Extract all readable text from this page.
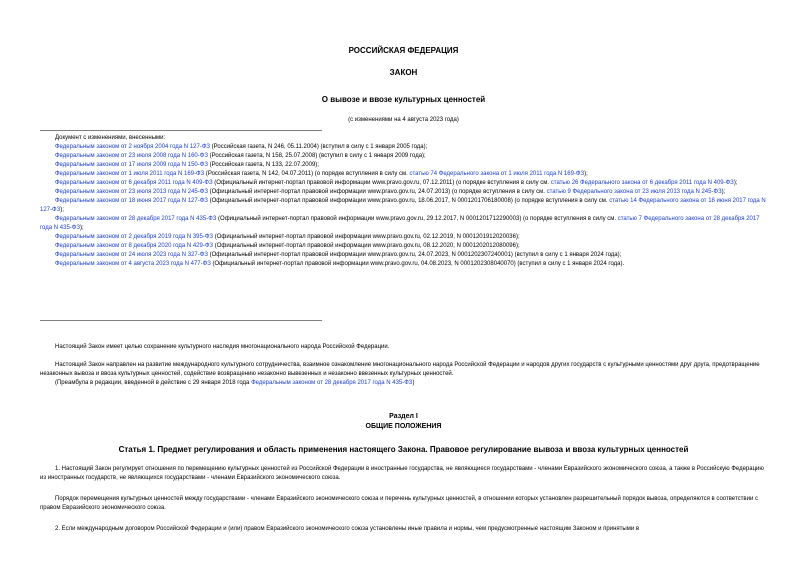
РОССИЙСКАЯ ФЕДЕРАЦИЯ
ЗАКОН
О вывозе и ввозе культурных ценностей
(с изменениями на 4 августа 2023 года)

Документ с изменениями, внесенными:

Федеральным законом от 2 ноября 2004 года N 127-ФЗ (Российская газета, N 246, 05.11.2004) (вступил в силу с 1 января 2005 года);

Федеральным законом от 23 июля 2008 года N 160-ФЗ (Российская газета, N 158, 25.07.2008) (вступил в силу с 1 января 2009 года);

Федеральным законом от 17 июля 2009 года N 150-ФЗ (Российская газета, N 133, 22.07.2009);

Федеральным законом от 1 июля 2011 года N 169-ФЗ (Российская газета, N 142, 04.07.2011) (о порядке вступления в силу см. статью 74 Федерального закона от 1 июля 2011 года N 169-ФЗ);

Федеральным законом от 6 декабря 2011 года N 409-ФЗ (Официальный интернет-портал правовой информации www.pravo.gov.ru, 07.12.2011) (о порядке вступления в силу см. статью 26 Федерального закона от 6 декабря 2011 года N 409-ФЗ);

Федеральным законом от 23 июля 2013 года N 245-ФЗ (Официальный интернет-портал правовой информации www.pravo.gov.ru, 24.07.2013) (о порядке вступления в силу см. статью 9 Федерального закона от 23 июля 2013 года N 245-ФЗ);

Федеральным законом от 18 июня 2017 года N 127-ФЗ (Официальный интернет-портал правовой информации www.pravo.gov.ru, 18.06.2017, N 0001201706180008) (о порядке вступления в силу см. статью 14 Федерального закона от 18 июня 2017 года N 127-ФЗ);

Федеральным законом от 28 декабря 2017 года N 435-ФЗ (Официальный интернет-портал правовой информации www.pravo.gov.ru, 29.12.2017, N 0001201712290003) (о порядке вступления в силу см. статью 7 Федерального закона от 28 декабря 2017 года N 435-ФЗ);

Федеральным законом от 2 декабря 2019 года N 395-ФЗ (Официальный интернет-портал правовой информации www.pravo.gov.ru, 02.12.2019, N 0001201912020036);

Федеральным законом от 8 декабря 2020 года N 429-ФЗ (Официальный интернет-портал правовой информации www.pravo.gov.ru, 08.12.2020, N 0001202012080096);

Федеральным законом от 24 июля 2023 года N 327-ФЗ (Официальный интернет-портал правовой информации www.pravo.gov.ru, 24.07.2023, N 0001202307240001) (вступил в силу с 1 января 2024 года);

Федеральным законом от 4 августа 2023 года N 477-ФЗ (Официальный интернет-портал правовой информации www.pravo.gov.ru, 04.08.2023, N 0001202308040070) (вступил в силу с 1 января 2024 года).

Настоящий Закон имеет целью сохранение культурного наследия многонационального народа Российской Федерации.

Настоящий Закон направлен на развитие международного культурного сотрудничества, взаимное ознакомление многонационального народа Российской Федерации и народов других государств с культурными ценностями друг друга, предотвращение незаконных вывоза и ввоза культурных ценностей, содействие возвращению незаконно вывезенных и незаконно ввезенных культурных ценностей.

(Преамбула в редакции, введенной в действие с 29 января 2018 года Федеральным законом от 28 декабря 2017 года N 435-ФЗ)

Раздел I
ОБЩИЕ ПОЛОЖЕНИЯ
Статья 1. Предмет регулирования и область применения настоящего Закона. Правовое регулирование вывоза и ввоза культурных ценностей

1. Настоящий Закон регулирует отношения по перемещению культурных ценностей из Российской Федерации в иностранные государства, не являющиеся государствами - членами Евразийского экономического союза, а также в Российскую Федерацию из иностранных государств, не являющихся государствами - членами Евразийского экономического союза.

Порядок перемещения культурных ценностей между государствами - членами Евразийского экономического союза и перечень культурных ценностей, в отношении которых установлен разрешительный порядок вывоза, определяются в соответствии с правом Евразийского экономического союза.

2. Если международным договором Российской Федерации и (или) правом Евразийского экономического союза установлены иные правила и нормы, чем предусмотренные настоящим Законом и принятыми в
